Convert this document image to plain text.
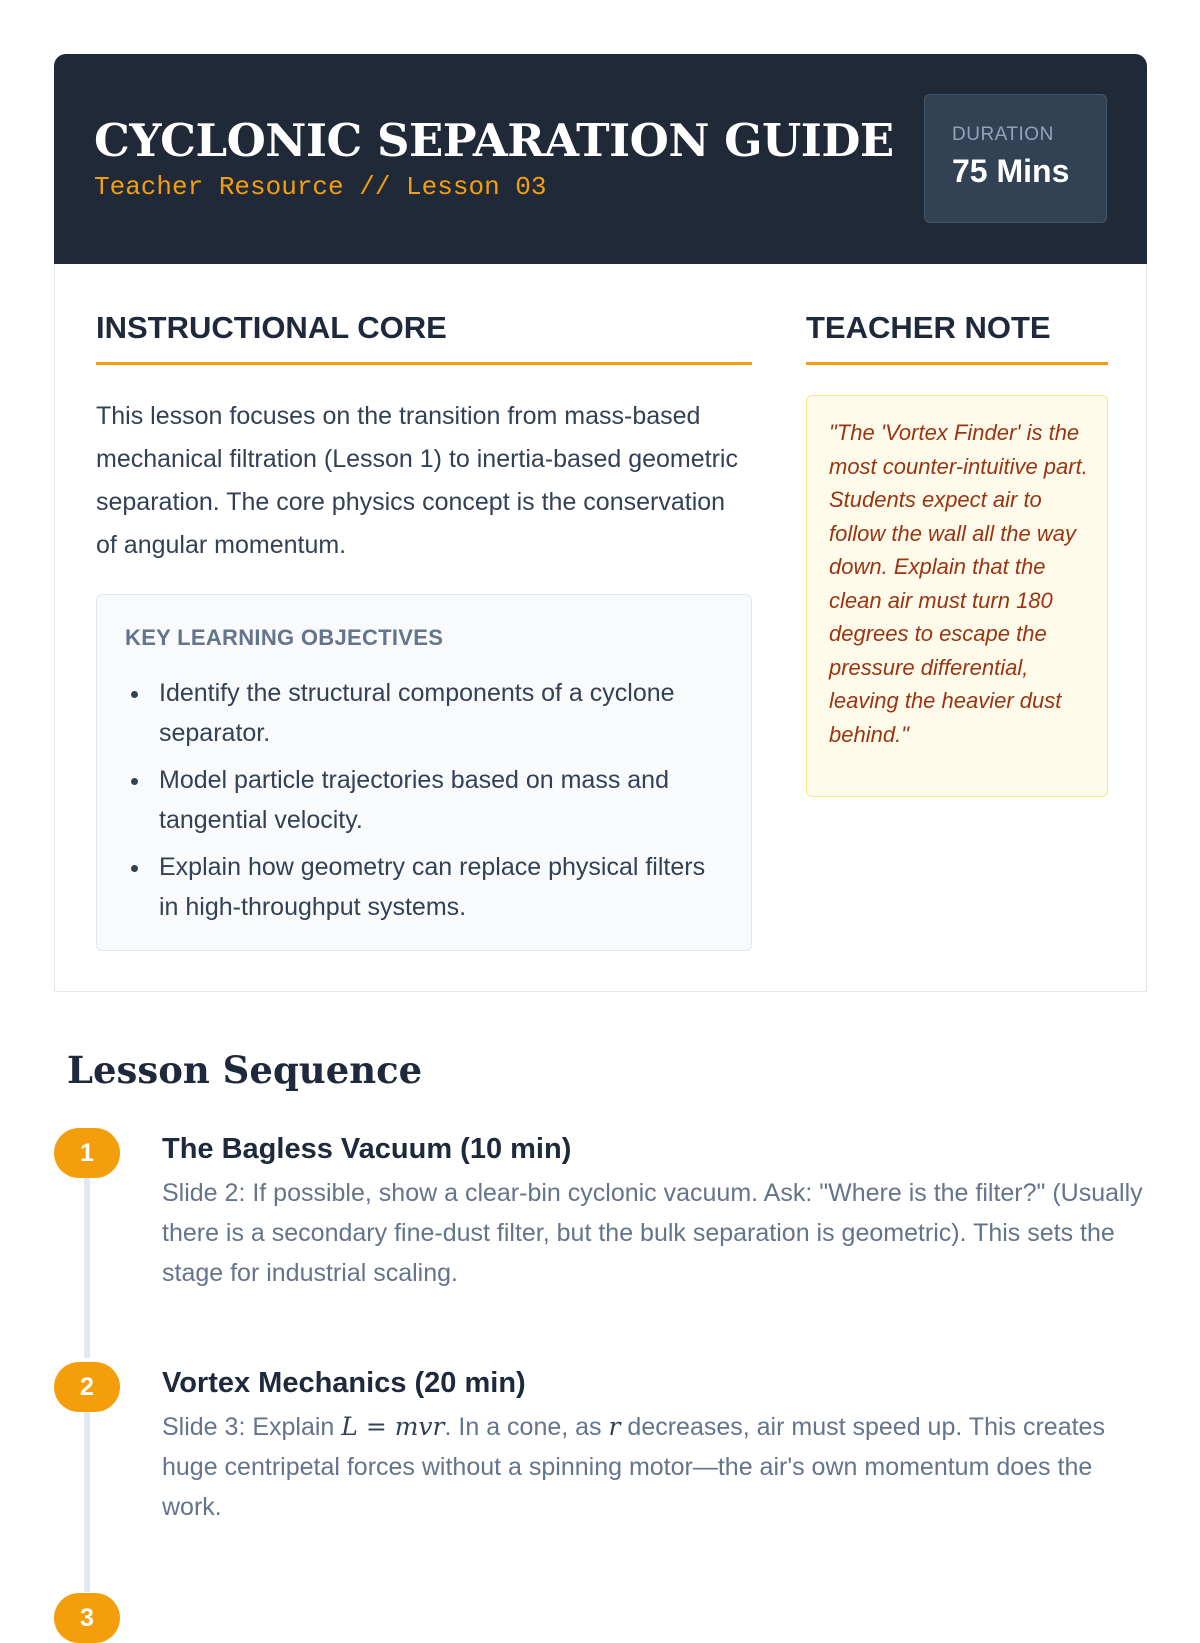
CYCLONIC SEPARATION GUIDE
Teacher Resource // Lesson 03
DURATION
75 Mins
INSTRUCTIONAL CORE	TEACHER NOTE
This lesson focuses on the transition from mass-based mechanical filtration (Lesson 1) to inertia-based geometric separation. The core physics concept is the conservation of angular momentum.
KEY LEARNING OBJECTIVES
Identify the structural components of a cyclone separator.
Model particle trajectories based on mass and tangential velocity.
Explain how geometry can replace physical filters in high-throughput systems.
"The 'Vortex Finder' is the most counter-intuitive part. Students expect air to follow the wall all the way down. Explain that the clean air must turn 180 degrees to escape the pressure differential, leaving the heavier dust behind."
Lesson Sequence
1	The Bagless Vacuum (10 min)
Slide 2: If possible, show a clear-bin cyclonic vacuum. Ask: "Where is the filter?" (Usually there is a secondary fine-dust filter, but the bulk separation is geometric). This sets the stage for industrial scaling.
2	Vortex Mechanics (20 min)
Slide 3: Explain L = mvr. In a cone, as r decreases, air must speed up. This creates huge centripetal forces without a spinning motor—the air's own momentum does the work.
3
